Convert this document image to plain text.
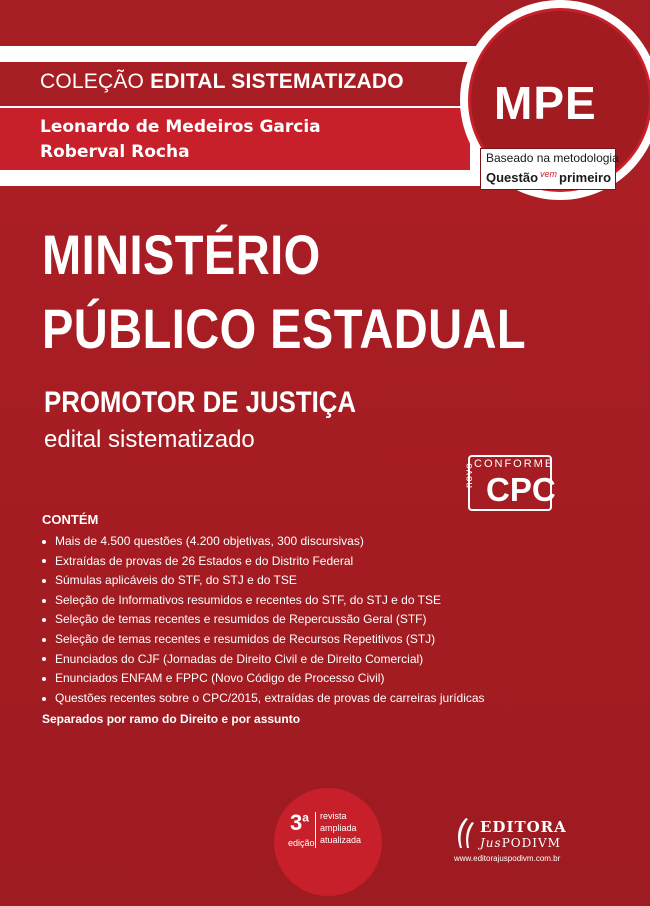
COLEÇÃO EDITAL SISTEMATIZADO
Leonardo de Medeiros Garcia
Roberval Rocha
MPE
Baseado na metodologia
Questão $^{vem}$ primeiro
MINISTÉRIO
PÚBLICO ESTADUAL
PROMOTOR DE JUSTIÇA
edital sistematizado
CONFORME
novo CPC
CONTÉM
Mais de 4.500 questões (4.200 objetivas, 300 discursivas)
Extraídas de provas de 26 Estados e do Distrito Federal
Súmulas aplicáveis do STF, do STJ e do TSE
Seleção de Informativos resumidos e recentes do STF, do STJ e do TSE
Seleção de temas recentes e resumidos de Repercussão Geral (STF)
Seleção de temas recentes e resumidos de Recursos Repetitivos (STJ)
Enunciados do CJF (Jornadas de Direito Civil e de Direito Comercial)
Enunciados ENFAM e FPPC (Novo Código de Processo Civil)
Questões recentes sobre o CPC/2015, extraídas de provas de carreiras jurídicas
Separados por ramo do Direito e por assunto
3$^a$
edição
revista
ampliada
atualizada
EDITORA
JusPODIVM
www.editorajuspodivm.com.br
